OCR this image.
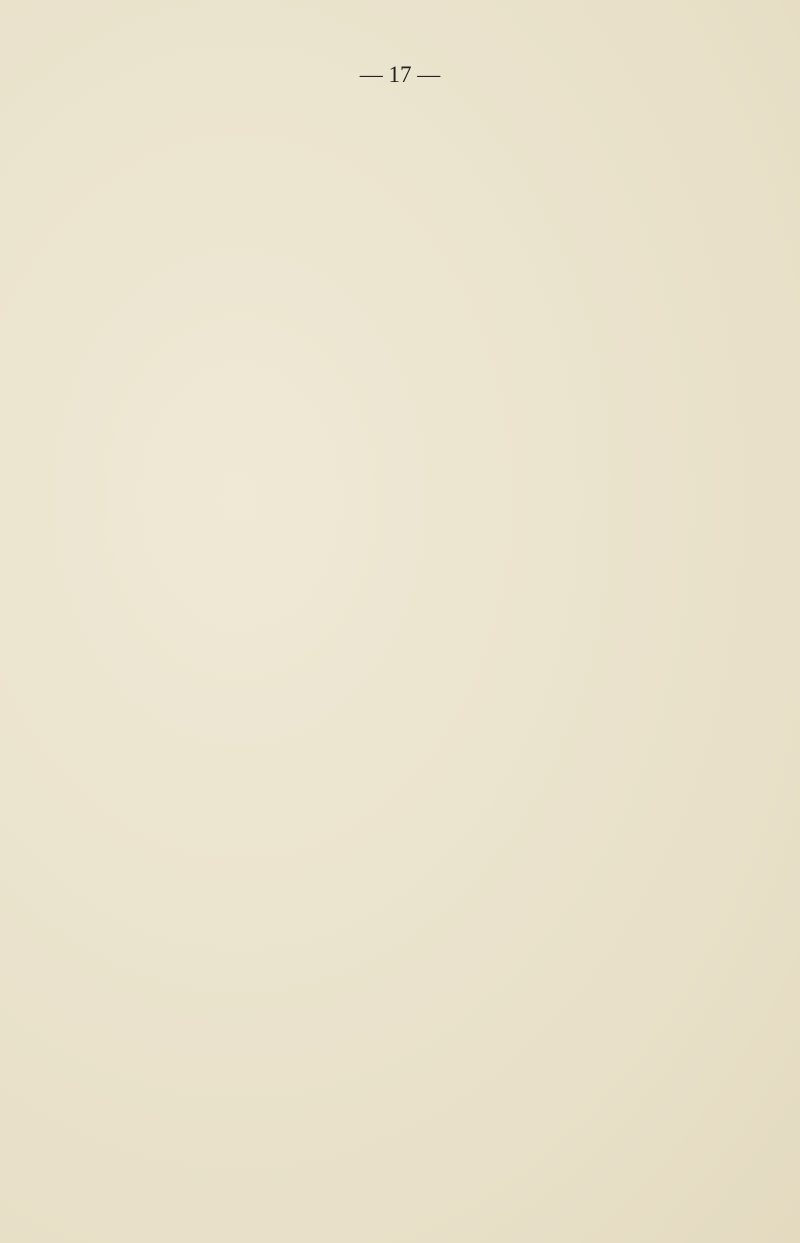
— 17 —
